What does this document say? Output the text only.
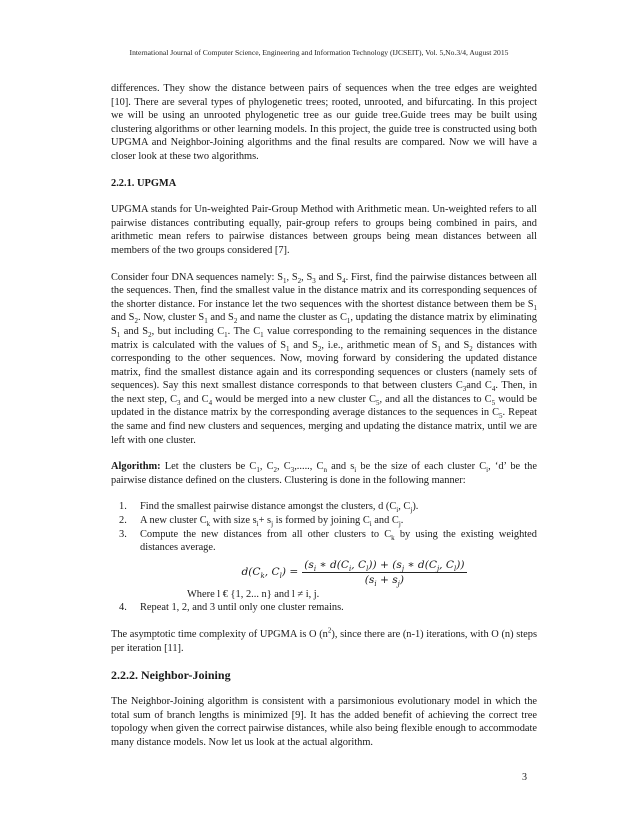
International Journal of Computer Science, Engineering and Information Technology (IJCSEIT), Vol. 5,No.3/4, August 2015

differences. They show the distance between pairs of sequences when the tree edges are weighted [10]. There are several types of phylogenetic trees; rooted, unrooted, and bifurcating. In this project we will be using an unrooted phylogenetic tree as our guide tree.Guide trees may be built using clustering algorithms or other learning models. In this project, the guide tree is constructed using both UPGMA and Neighbor-Joining algorithms and the final results are compared. Now we will have a closer look at these two algorithms.

2.2.1. UPGMA

UPGMA stands for Un-weighted Pair-Group Method with Arithmetic mean. Un-weighted refers to all pairwise distances contributing equally, pair-group refers to groups being combined in pairs, and arithmetic mean refers to pairwise distances between groups being mean distances between all members of the two groups considered [7].

Consider four DNA sequences namely: $S_1$, $S_2$, $S_3$ and $S_4$. First, find the pairwise distances between all the sequences. Then, find the smallest value in the distance matrix and its corresponding sequences of the shorter distance. For instance let the two sequences with the shortest distance between them be $S_1$ and $S_2$. Now, cluster $S_1$ and $S_2$ and name the cluster as $C_1$, updating the distance matrix by eliminating $S_1$ and $S_2$, but including $C_1$. The $C_1$ value corresponding to the remaining sequences in the distance matrix is calculated with the values of $S_1$ and $S_2$, i.e., arithmetic mean of $S_1$ and $S_2$ distances with corresponding to the other sequences. Now, moving forward by considering the updated distance matrix, find the smallest distance again and its corresponding sequences or clusters (namely sets of sequences). Say this next smallest distance corresponds to that between clusters $C_3and$ $C_4$. Then, in the next step, $C_3$ and $C_4$ would be merged into a new cluster $C_5$, and all the distances to $C_5$ would be updated in the distance matrix by the corresponding average distances to the sequences in $C_5$. Repeat the same and find new clusters and sequences, merging and updating the distance matrix, until we are left with one cluster.

Algorithm: Let the clusters be $C_1$, $C_2$, $C_3$,....., $C_n$ and $s_i$ be the size of each cluster $C_i$, ‘d’ be the pairwise distance defined on the clusters. Clustering is done in the following manner:

1. Find the smallest pairwise distance amongst the clusters, d ($C_i$, $C_j$).
2. A new cluster $C_k$ with size $s_i+ s_j$ is formed by joining $C_i$ and $C_j$.
3. Compute the new distances from all other clusters to $C_k$ by using the existing weighted distances average.
$d(C_k$, $C_l) = \frac{(s_i ∗ d(C_i, C_l)) + (s_j ∗ d(C_j, C_l))}{(s_i + s_j)}$
Where l € {1, 2... n} and l ≠ i, j.
4. Repeat 1, 2, and 3 until only one cluster remains.

The asymptotic time complexity of UPGMA is O $(n^2)$, since there are (n-1) iterations, with O (n) steps per iteration [11].

2.2.2. Neighbor-Joining

The Neighbor-Joining algorithm is consistent with a parsimonious evolutionary model in which the total sum of branch lengths is minimized [9]. It has the added benefit of achieving the correct tree topology when given the correct pairwise distances, while also being flexible enough to accommodate many distance models. Now let us look at the actual algorithm.

3
